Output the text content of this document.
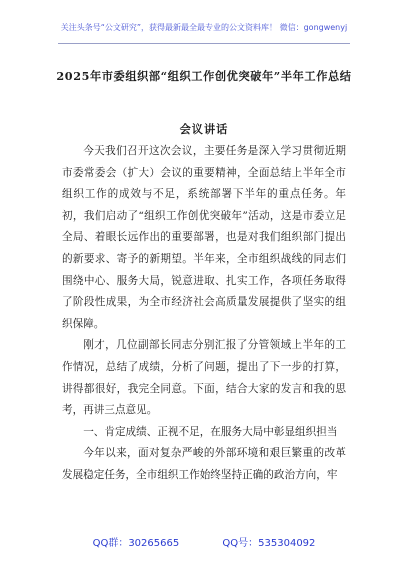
关注头条号“公文研究”，获得最新最全最专业的公文资料库！ 微信：gongwenyj
2025年市委组织部“组织工作创优突破年”半年工作总结
会议讲话

今天我们召开这次会议，主要任务是深入学习贯彻近期市委常委会（扩大）会议的重要精神，全面总结上半年全市组织工作的成效与不足，系统部署下半年的重点任务。年初，我们启动了“组织工作创优突破年”活动，这是市委立足全局、着眼长远作出的重要部署，也是对我们组织部门提出的新要求、寄予的新期望。半年来，全市组织战线的同志们围绕中心、服务大局，锐意进取、扎实工作，各项任务取得了阶段性成果，为全市经济社会高质量发展提供了坚实的组织保障。

刚才，几位副部长同志分别汇报了分管领域上半年的工作情况，总结了成绩，分析了问题，提出了下一步的打算，讲得都很好，我完全同意。下面，结合大家的发言和我的思考，再讲三点意见。

一、肯定成绩、正视不足，在服务大局中彰显组织担当

今年以来，面对复杂严峻的外部环境和艰巨繁重的改革发展稳定任务，全市组织工作始终坚持正确的政治方向，牢

QQ群：30265665	QQ号：535304092
